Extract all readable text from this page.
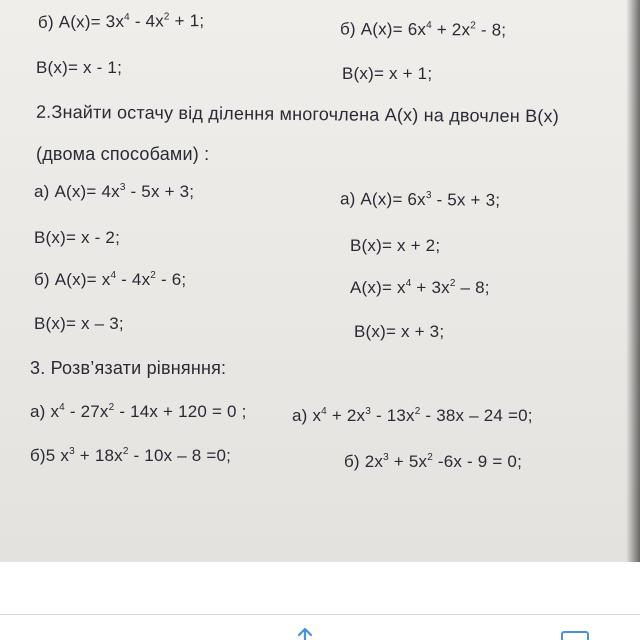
б) $A(x)= 3x^4 - 4x^2 + 1$;	б) $A(x)= 6x^4 + 2x^2 - 8$;
B(x)= x - 1;	B(x)= x + 1;
2.Знайти остачу від ділення многочлена A(x) на двочлен B(x)
(двома способами) :
а) $A(x)= 4x^3 - 5x + 3$;	а) $A(x)= 6x^3 - 5x + 3$;
B(x)= x - 2;	B(x)= x + 2;
б) $A(x)= x^4 - 4x^2 - 6$;	$A(x)= x^4 + 3x^2 - 8$;
B(x)= x – 3;	B(x)= x + 3;
3. Розв’язати рівняння:
а) $x^4 - 27x^2 - 14x + 120 = 0$ ;	а) $x^4 + 2x^3 - 13x^2 - 38x - 24 =0$;
б)5 $x^3 + 18x^2 - 10x - 8 =0$;	б) $2x^3 + 5x^2$ -6x - 9 = 0;
